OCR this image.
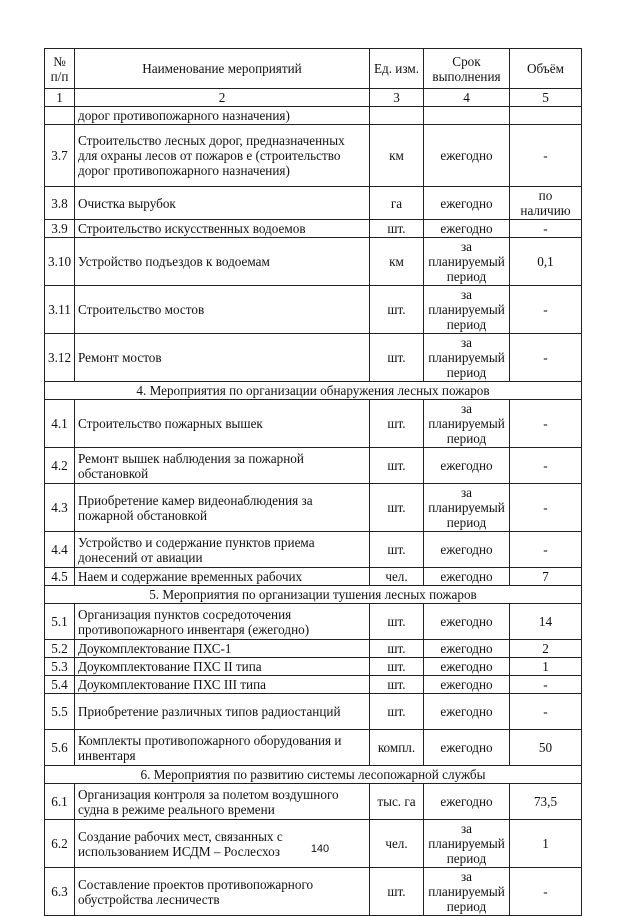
№ п/п	Наименование мероприятий	Ед. изм.	Срок выполнения	Объём
1	2	3	4	5
	дорог противопожарного назначения)			
3.7	Строительство лесных дорог, предназначенных для охраны лесов от пожаров е (строительство дорог противопожарного назначения)	км	ежегодно	-
3.8	Очистка вырубок	га	ежегодно	по наличию
3.9	Строительство искусственных водоемов	шт.	ежегодно	-
3.10	Устройство подъездов к водоемам	км	за планируемый период	0,1
3.11	Строительство мостов	шт.	за планируемый период	-
3.12	Ремонт мостов	шт.	за планируемый период	-
4. Мероприятия по организации обнаружения лесных пожаров				
4.1	Строительство пожарных вышек	шт.	за планируемый период	-
4.2	Ремонт вышек наблюдения за пожарной обстановкой	шт.	ежегодно	-
4.3	Приобретение камер видеонаблюдения за пожарной обстановкой	шт.	за планируемый период	-
4.4	Устройство и содержание пунктов приема донесений от авиации	шт.	ежегодно	-
4.5	Наем и содержание временных рабочих	чел.	ежегодно	7
5. Мероприятия по организации тушения лесных пожаров				
5.1	Организация пунктов сосредоточения противопожарного инвентаря (ежегодно)	шт.	ежегодно	14
5.2	Доукомплектование ПХС-1	шт.	ежегодно	2
5.3	Доукомплектование ПХС II типа	шт.	ежегодно	1
5.4	Доукомплектование ПХС III типа	шт.	ежегодно	-
5.5	Приобретение различных типов радиостанций	шт.	ежегодно	-
5.6	Комплекты противопожарного оборудования и инвентаря	компл.	ежегодно	50
6. Мероприятия по развитию системы лесопожарной службы				
6.1	Организация контроля за полетом воздушного судна в режиме реального времени	тыс. га	ежегодно	73,5
6.2	Создание рабочих мест, связанных с использованием ИСДМ – Рослесхоз	чел.	за планируемый период	1
6.3	Составление проектов противопожарного обустройства лесничеств	шт.	за планируемый период	-
140
